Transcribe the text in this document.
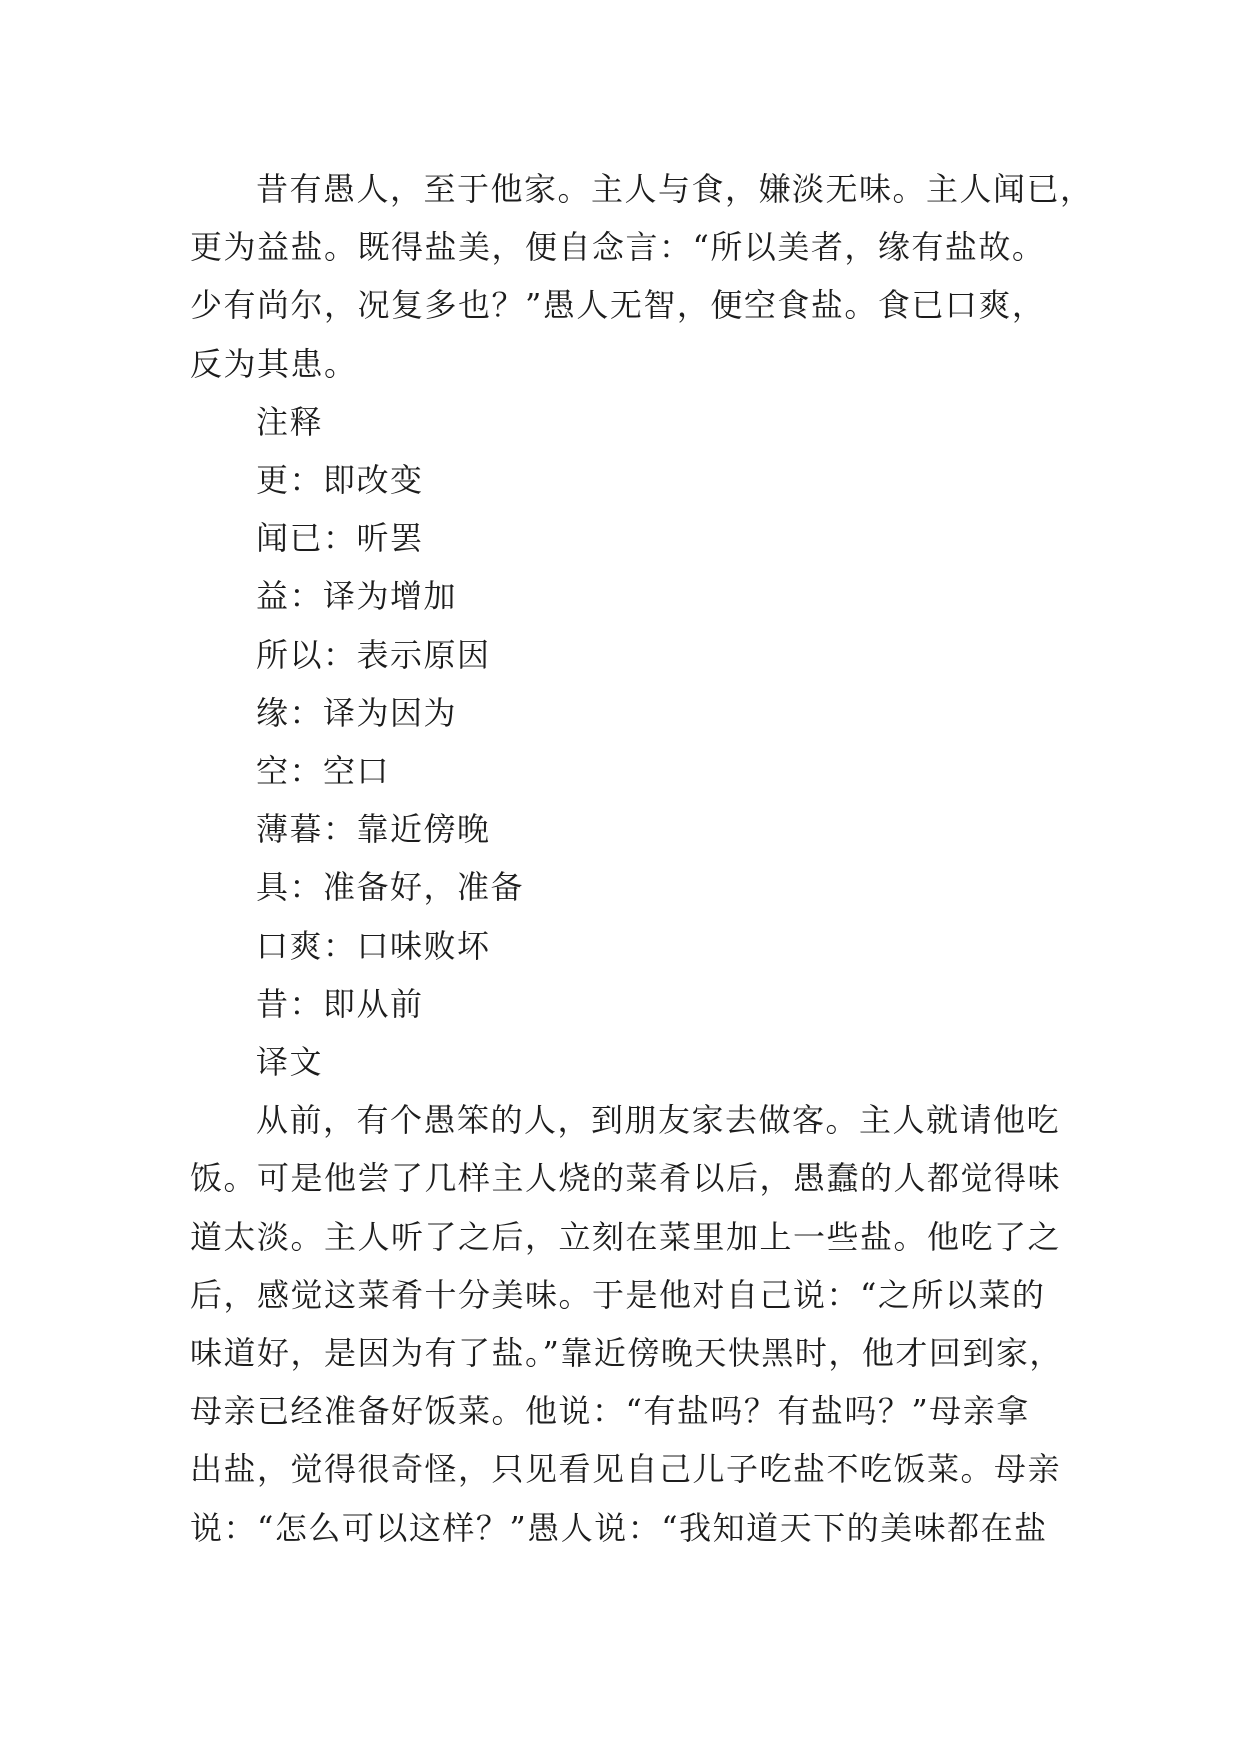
昔有愚人，至于他家。主人与食，嫌淡无味。主人闻已，
更为益盐。既得盐美，便自念言：“所以美者，缘有盐故。
少有尚尔，况复多也？”愚人无智，便空食盐。食已口爽，
反为其患。

注释

更：即改变

闻已：听罢

益：译为增加

所以：表示原因

缘：译为因为

空：空口

薄暮：靠近傍晚

具：准备好，准备

口爽：口味败坏

昔：即从前

译文

从前，有个愚笨的人，到朋友家去做客。主人就请他吃
饭。可是他尝了几样主人烧的菜肴以后，愚蠢的人都觉得味
道太淡。主人听了之后，立刻在菜里加上一些盐。他吃了之
后，感觉这菜肴十分美味。于是他对自己说：“之所以菜的
味道好，是因为有了盐。”靠近傍晚天快黑时，他才回到家，
母亲已经准备好饭菜。他说：“有盐吗？有盐吗？”母亲拿
出盐，觉得很奇怪，只见看见自己儿子吃盐不吃饭菜。母亲
说：“怎么可以这样？”愚人说：“我知道天下的美味都在盐
